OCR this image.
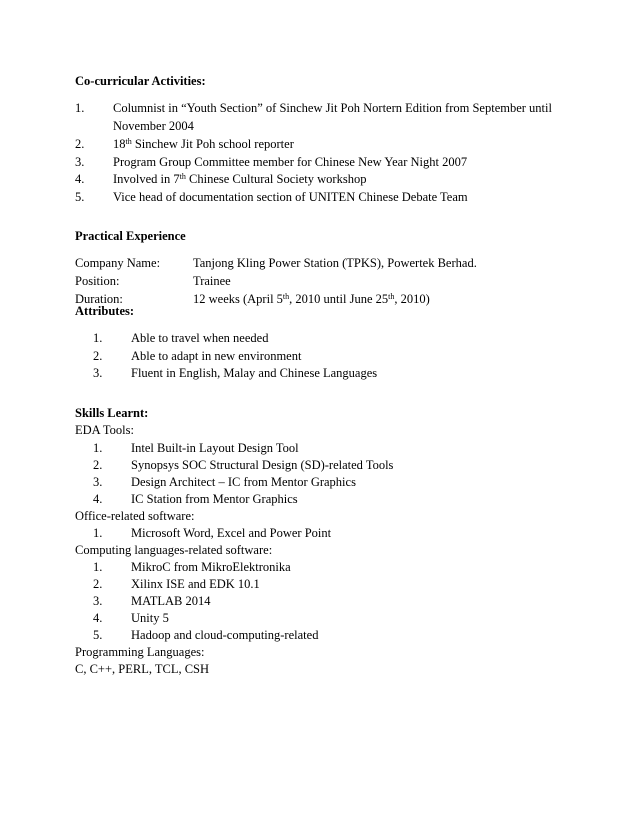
Co-curricular Activities:
1. Columnist in “Youth Section” of Sinchew Jit Poh Nortern Edition from September until
November 2004
2. 18th Sinchew Jit Poh school reporter
3. Program Group Committee member for Chinese New Year Night 2007
4. Involved in 7th Chinese Cultural Society workshop
5. Vice head of documentation section of UNITEN Chinese Debate Team
Practical Experience
Company Name:	Tanjong Kling Power Station (TPKS), Powertek Berhad.
Position:	Trainee
Duration:	12 weeks (April 5th, 2010 until June 25th, 2010)
Attributes:
1. Able to travel when needed
2. Able to adapt in new environment
3. Fluent in English, Malay and Chinese Languages
Skills Learnt:
EDA Tools:
1. Intel Built-in Layout Design Tool
2. Synopsys SOC Structural Design (SD)-related Tools
3. Design Architect – IC from Mentor Graphics
4. IC Station from Mentor Graphics
Office-related software:
1. Microsoft Word, Excel and Power Point
Computing languages-related software:
1. MikroC from MikroElektronika
2. Xilinx ISE and EDK 10.1
3. MATLAB 2014
4. Unity 5
5. Hadoop and cloud-computing-related
Programming Languages:
C, C++, PERL, TCL, CSH
